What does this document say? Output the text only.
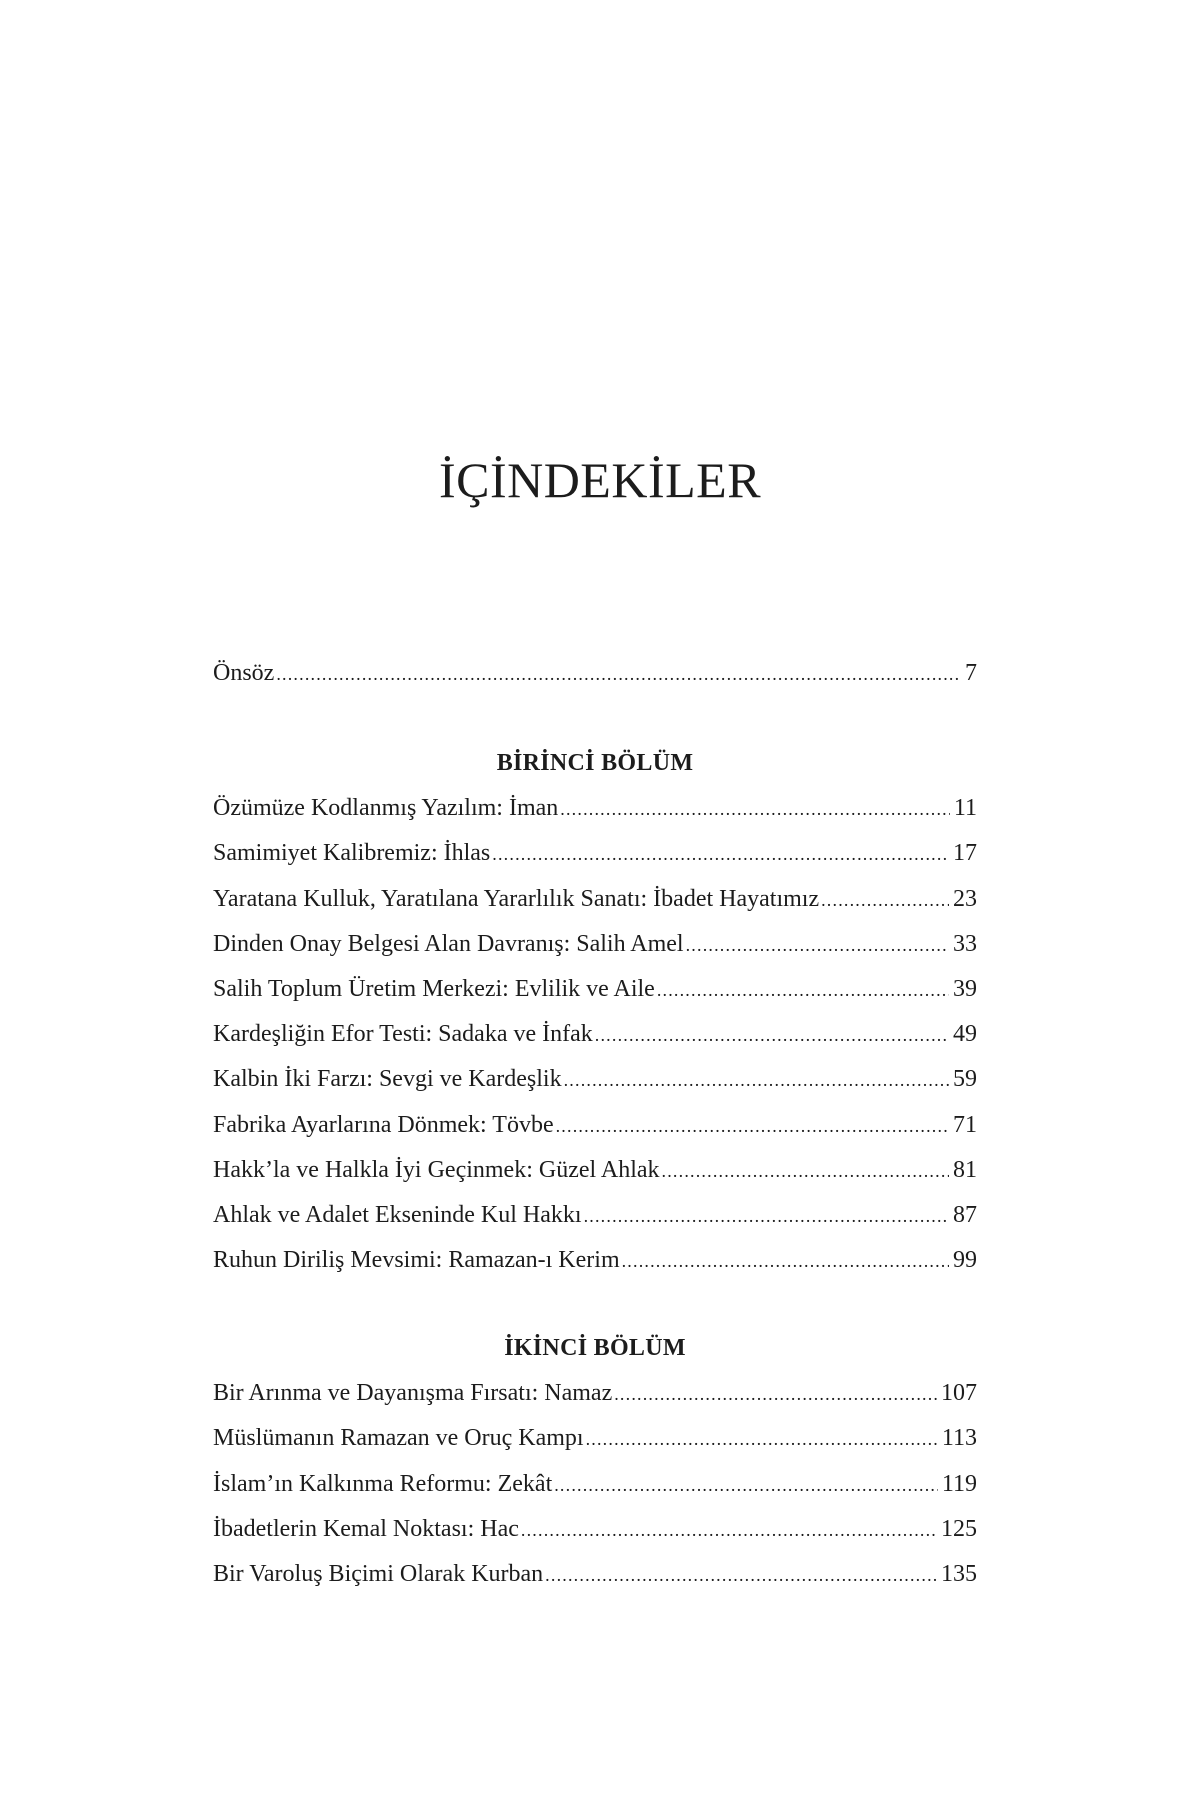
İÇİNDEKİLER
Önsöz .....	7
BİRİNCİ BÖLÜM
Özümüze Kodlanmış Yazılım: İman .....	11
Samimiyet Kalibremiz: İhlas .....	17
Yaratana Kulluk, Yaratılana Yararlılık Sanatı: İbadet Hayatımız .....	23
Dinden Onay Belgesi Alan Davranış: Salih Amel .....	33
Salih Toplum Üretim Merkezi: Evlilik ve Aile .....	39
Kardeşliğin Efor Testi: Sadaka ve İnfak .....	49
Kalbin İki Farzı: Sevgi ve Kardeşlik .....	59
Fabrika Ayarlarına Dönmek: Tövbe .....	71
Hakk’la ve Halkla İyi Geçinmek: Güzel Ahlak .....	81
Ahlak ve Adalet Ekseninde Kul Hakkı .....	87
Ruhun Diriliş Mevsimi: Ramazan-ı Kerim .....	99
İKİNCİ BÖLÜM
Bir Arınma ve Dayanışma Fırsatı: Namaz .....	107
Müslümanın Ramazan ve Oruç Kampı .....	113
İslam’ın Kalkınma Reformu: Zekât .....	119
İbadetlerin Kemal Noktası: Hac .....	125
Bir Varoluş Biçimi Olarak Kurban .....	135
